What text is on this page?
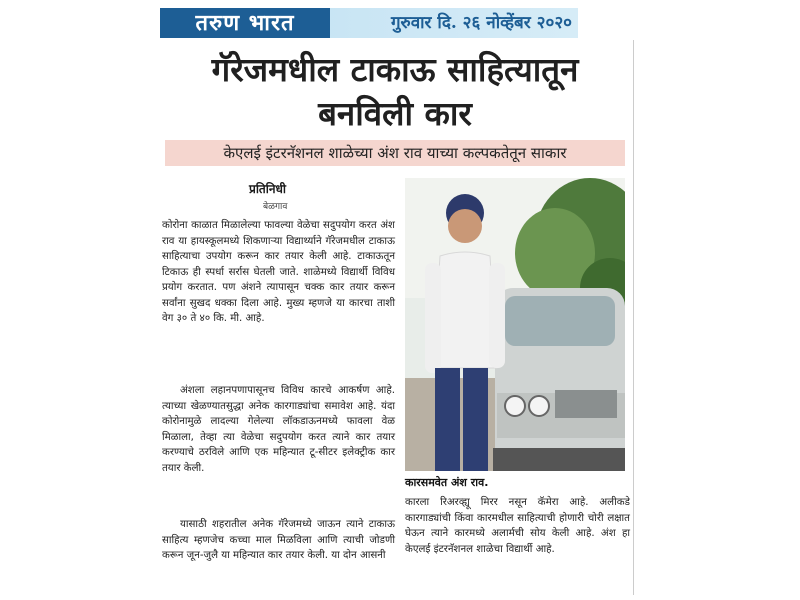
तरुण भारत	गुरुवार दि. २६ नोव्हेंबर २०२०
गॅरेजमधील टाकाऊ साहित्यातून
बनविली कार
केएलई इंटरनॅशनल शाळेच्या अंश राव याच्या कल्पकतेतून साकार
प्रतिनिधी
बेळगाव
कोरोना काळात मिळालेल्या फावल्या वेळेचा सदुपयोग करत अंश राव या हायस्कूलमध्ये शिकणाऱ्या विद्यार्थ्याने गॅरेजमधील टाकाऊ साहित्याचा उपयोग करून कार तयार केली आहे. टाकाऊतून टिकाऊ ही स्पर्धा सर्रास घेतली जाते. शाळेमध्ये विद्यार्थी विविध प्रयोग करतात. पण अंशने त्यापासून चक्क कार तयार करून सर्वांना सुखद धक्का दिला आहे. मुख्य म्हणजे या कारचा ताशी वेग ३० ते ४० कि. मी. आहे.
अंशला लहानपणापासूनच विविध कारचे आकर्षण आहे. त्याच्या खेळण्यातसुद्धा अनेक कारगाड्यांचा समावेश आहे. यंदा कोरोनामुळे लादल्या गेलेल्या लॉकडाऊनमध्ये फावला वेळ मिळाला, तेव्हा त्या वेळेचा सदुपयोग करत त्याने कार तयार करण्याचे ठरविले आणि एक महिन्यात टू-सीटर इलेक्ट्रीक कार तयार केली.
यासाठी शहरातील अनेक गॅरेजमध्ये जाऊन त्याने टाकाऊ साहित्य म्हणजेच कच्चा माल मिळविला आणि त्याची जोडणी करून जून-जुलै या महिन्यात कार तयार केली. या दोन आसनी
कारसमवेत अंश राव.
कारला रिअरव्ह्यू मिरर नसून कॅमेरा आहे. अलीकडे कारगाड्यांची किंवा कारमधील साहित्याची होणारी चोरी लक्षात घेऊन त्याने कारमध्ये अलार्मची सोय केली आहे. अंश हा केएलई इंटरनॅशनल शाळेचा विद्यार्थी आहे.
